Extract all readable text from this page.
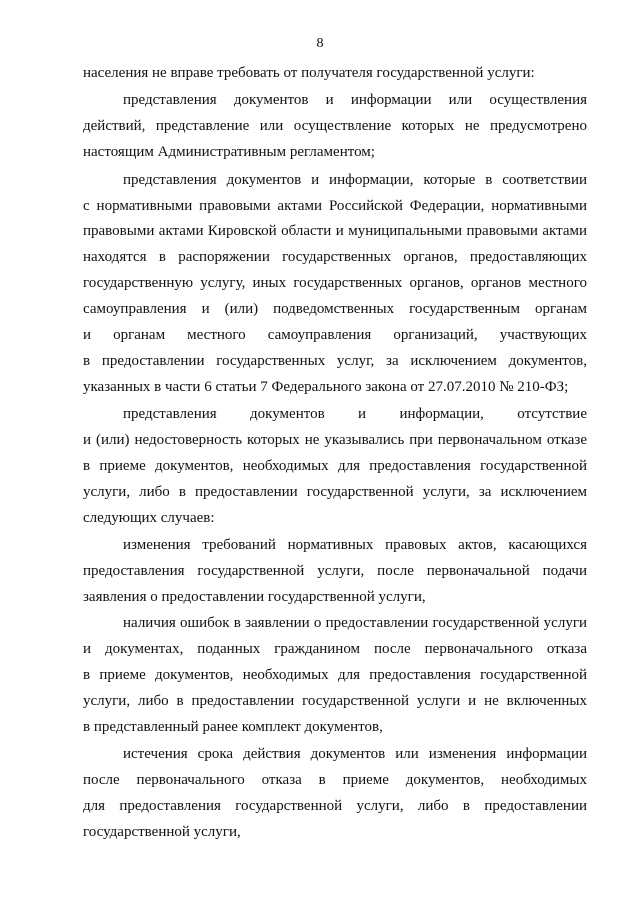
8
населения не вправе требовать от получателя государственной услуги:
представления документов и информации или осуществления
действий, представление или осуществление которых не предусмотрено
настоящим Административным регламентом;
представления документов и информации, которые в соответствии
с нормативными правовыми актами Российской Федерации, нормативными
правовыми актами Кировской области и муниципальными правовыми актами
находятся в распоряжении государственных органов, предоставляющих
государственную услугу, иных государственных органов, органов местного
самоуправления и (или) подведомственных государственным органам
и органам местного самоуправления организаций, участвующих
в предоставлении государственных услуг, за исключением документов,
указанных в части 6 статьи 7 Федерального закона от 27.07.2010 № 210-ФЗ;
представления документов и информации, отсутствие
и (или) недостоверность которых не указывались при первоначальном отказе
в приеме документов, необходимых для предоставления государственной
услуги, либо в предоставлении государственной услуги, за исключением
следующих случаев:
изменения требований нормативных правовых актов, касающихся
предоставления государственной услуги, после первоначальной подачи
заявления о предоставлении государственной услуги,
наличия ошибок в заявлении о предоставлении государственной услуги
и документах, поданных гражданином после первоначального отказа
в приеме документов, необходимых для предоставления государственной
услуги, либо в предоставлении государственной услуги и не включенных
в представленный ранее комплект документов,
истечения срока действия документов или изменения информации
после первоначального отказа в приеме документов, необходимых
для предоставления государственной услуги, либо в предоставлении
государственной услуги,
